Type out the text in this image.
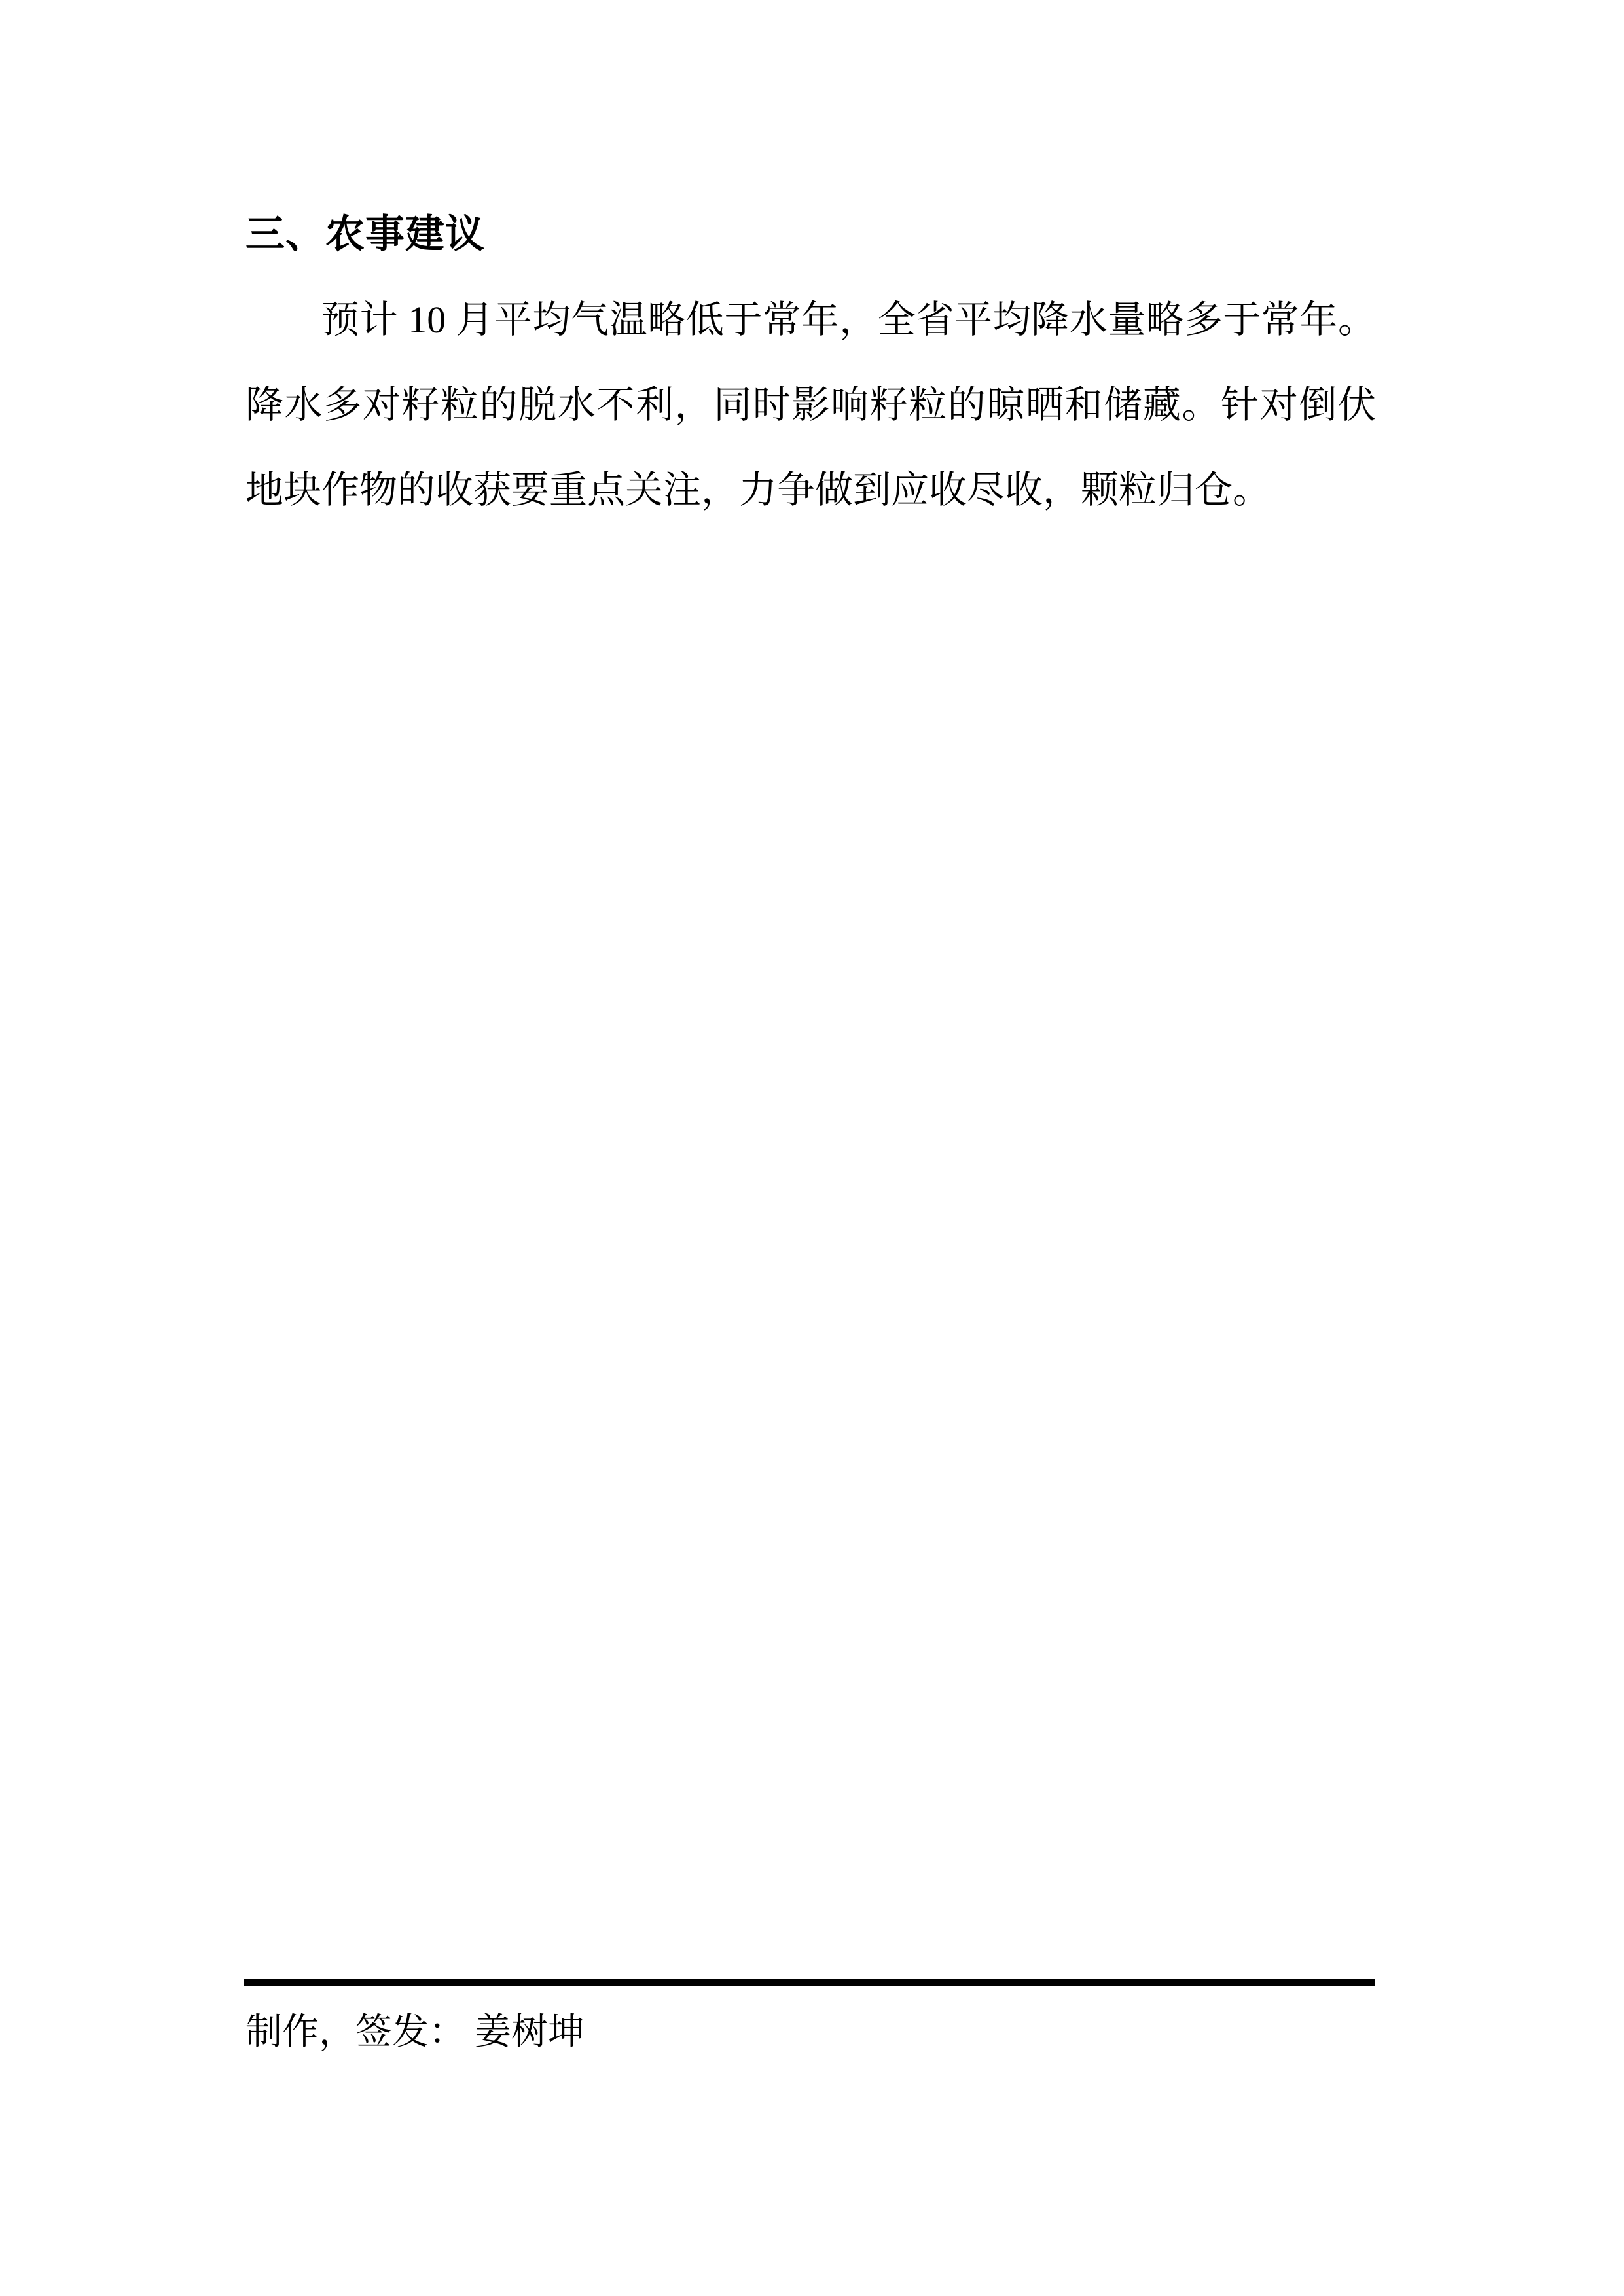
三、农事建议

预计 10 月平均气温略低于常年，全省平均降水量略多于常年。降水多对籽粒的脱水不利，同时影响籽粒的晾晒和储藏。针对倒伏地块作物的收获要重点关注，力争做到应收尽收，颗粒归仓。

制作，签发： 姜树坤
